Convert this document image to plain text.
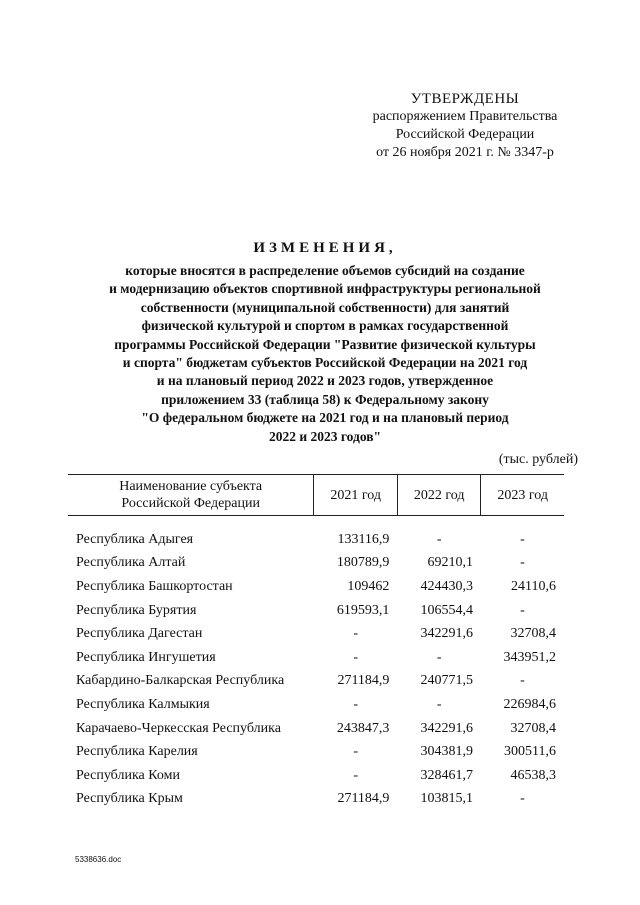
УТВЕРЖДЕНЫ
распоряжением Правительства
Российской Федерации
от 26 ноября 2021 г. № 3347-р
ИЗМЕНЕНИЯ,
которые вносятся в распределение объемов субсидий на создание
и модернизацию объектов спортивной инфраструктуры региональной
собственности (муниципальной собственности) для занятий
физической культурой и спортом в рамках государственной
программы Российской Федерации "Развитие физической культуры
и спорта" бюджетам субъектов Российской Федерации на 2021 год
и на плановый период 2022 и 2023 годов, утвержденное
приложением 33 (таблица 58) к Федеральному закону
"О федеральном бюджете на 2021 год и на плановый период
2022 и 2023 годов"
(тыс. рублей)
Наименование субъекта
Российской Федерации	2021 год	2022 год	2023 год

Республика Адыгея	133116,9	-	-
Республика Алтай	180789,9	69210,1	-
Республика Башкортостан	109462	424430,3	24110,6
Республика Бурятия	619593,1	106554,4	-
Республика Дагестан	-	342291,6	32708,4
Республика Ингушетия	-	-	343951,2
Кабардино-Балкарская Республика	271184,9	240771,5	-
Республика Калмыкия	-	-	226984,6
Карачаево-Черкесская Республика	243847,3	342291,6	32708,4
Республика Карелия	-	304381,9	300511,6
Республика Коми	-	328461,7	46538,3
Республика Крым	271184,9	103815,1	-
5338636.doc
